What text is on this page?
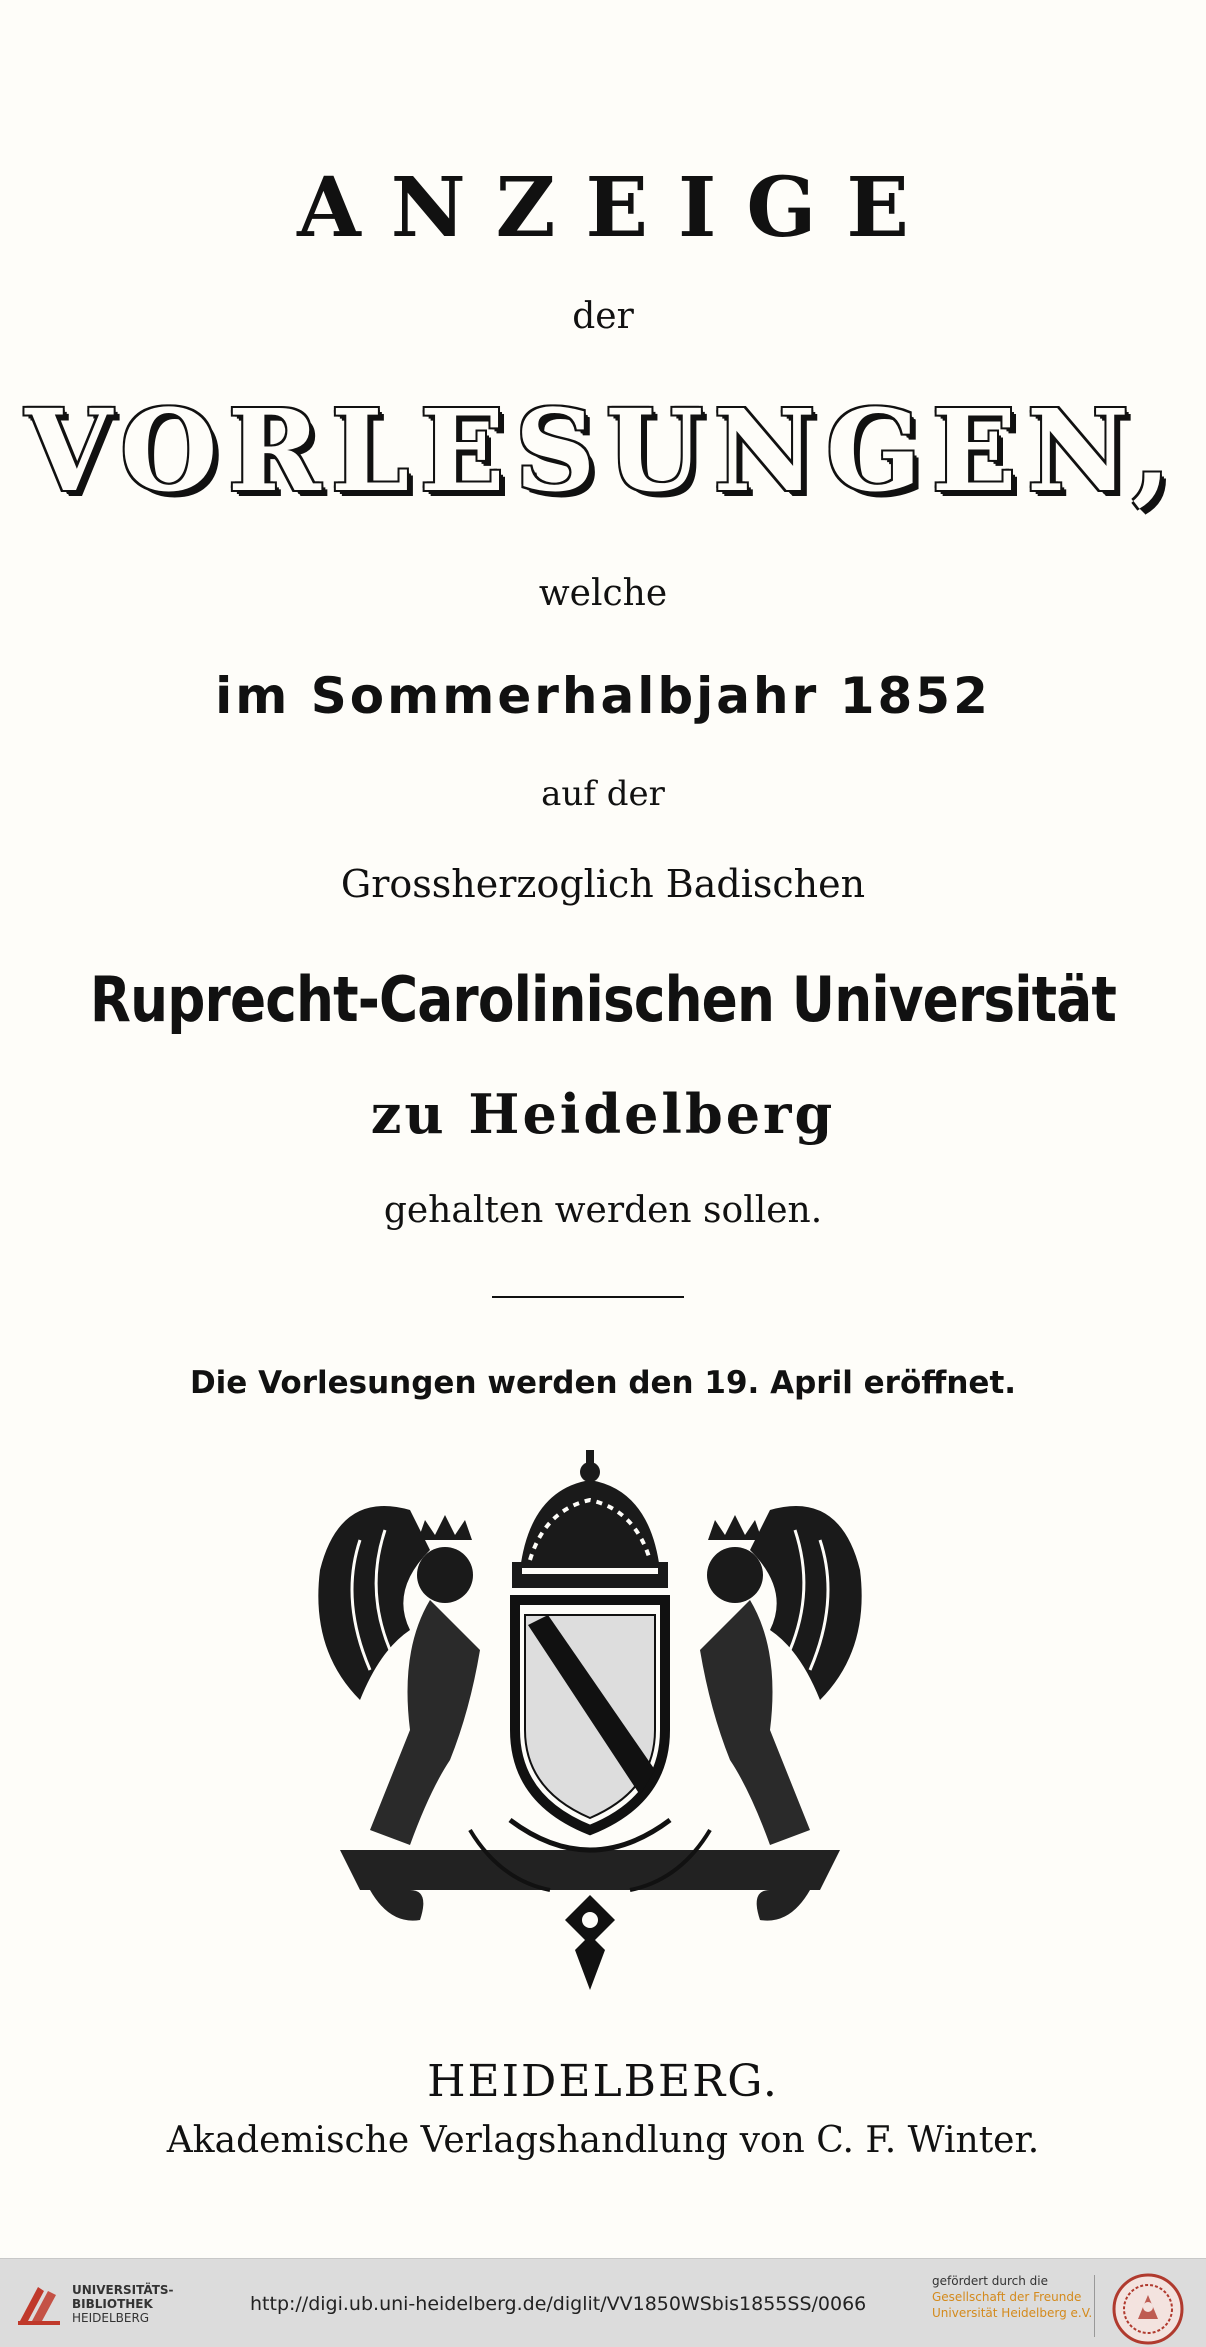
ANZEIGE
der
VORLESUNGEN,
welche
im Sommerhalbjahr 1852
auf der
Grossherzoglich Badischen
Ruprecht-Carolinischen Universität
zu Heidelberg
gehalten werden sollen.
Die Vorlesungen werden den 19. April eröffnet.
HEIDELBERG.
Akademische Verlagshandlung von C. F. Winter.
UNIVERSITÄTS-
BIBLIOTHEK
HEIDELBERG
http://digi.ub.uni-heidelberg.de/diglit/VV1850WSbis1855SS/0066
gefördert durch die
Gesellschaft der Freunde
Universität Heidelberg e.V.
